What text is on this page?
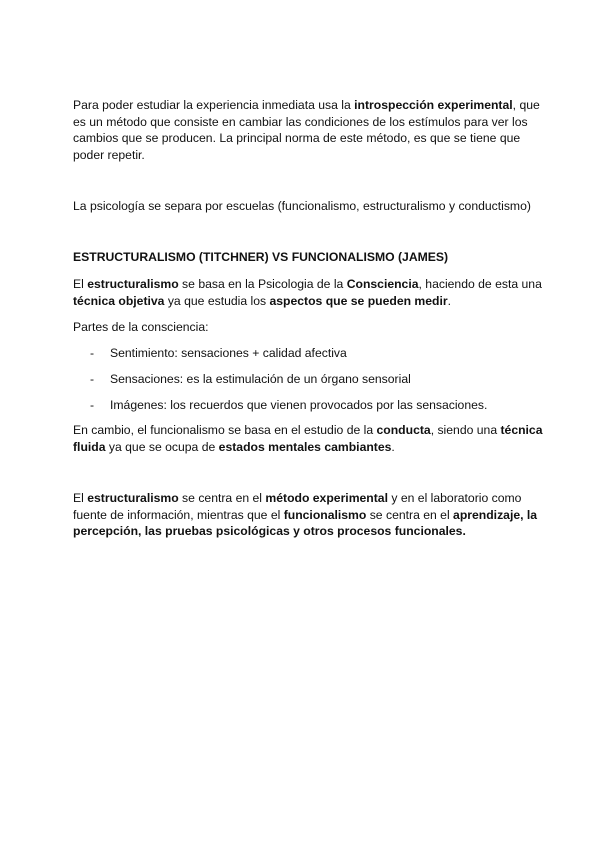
Para poder estudiar la experiencia inmediata usa la introspección experimental, que es un método que consiste en cambiar las condiciones de los estímulos para ver los cambios que se producen. La principal norma de este método, es que se tiene que poder repetir.

La psicología se separa por escuelas (funcionalismo, estructuralismo y conductismo)

ESTRUCTURALISMO (TITCHNER) VS FUNCIONALISMO (JAMES)

El estructuralismo se basa en la Psicologia de la Consciencia, haciendo de esta una técnica objetiva ya que estudia los aspectos que se pueden medir.

Partes de la consciencia:

- Sentimiento: sensaciones + calidad afectiva
- Sensaciones: es la estimulación de un órgano sensorial
- Imágenes: los recuerdos que vienen provocados por las sensaciones.

En cambio, el funcionalismo se basa en el estudio de la conducta, siendo una técnica fluida ya que se ocupa de estados mentales cambiantes.

El estructuralismo se centra en el método experimental y en el laboratorio como fuente de información, mientras que el funcionalismo se centra en el aprendizaje, la percepción, las pruebas psicológicas y otros procesos funcionales.
